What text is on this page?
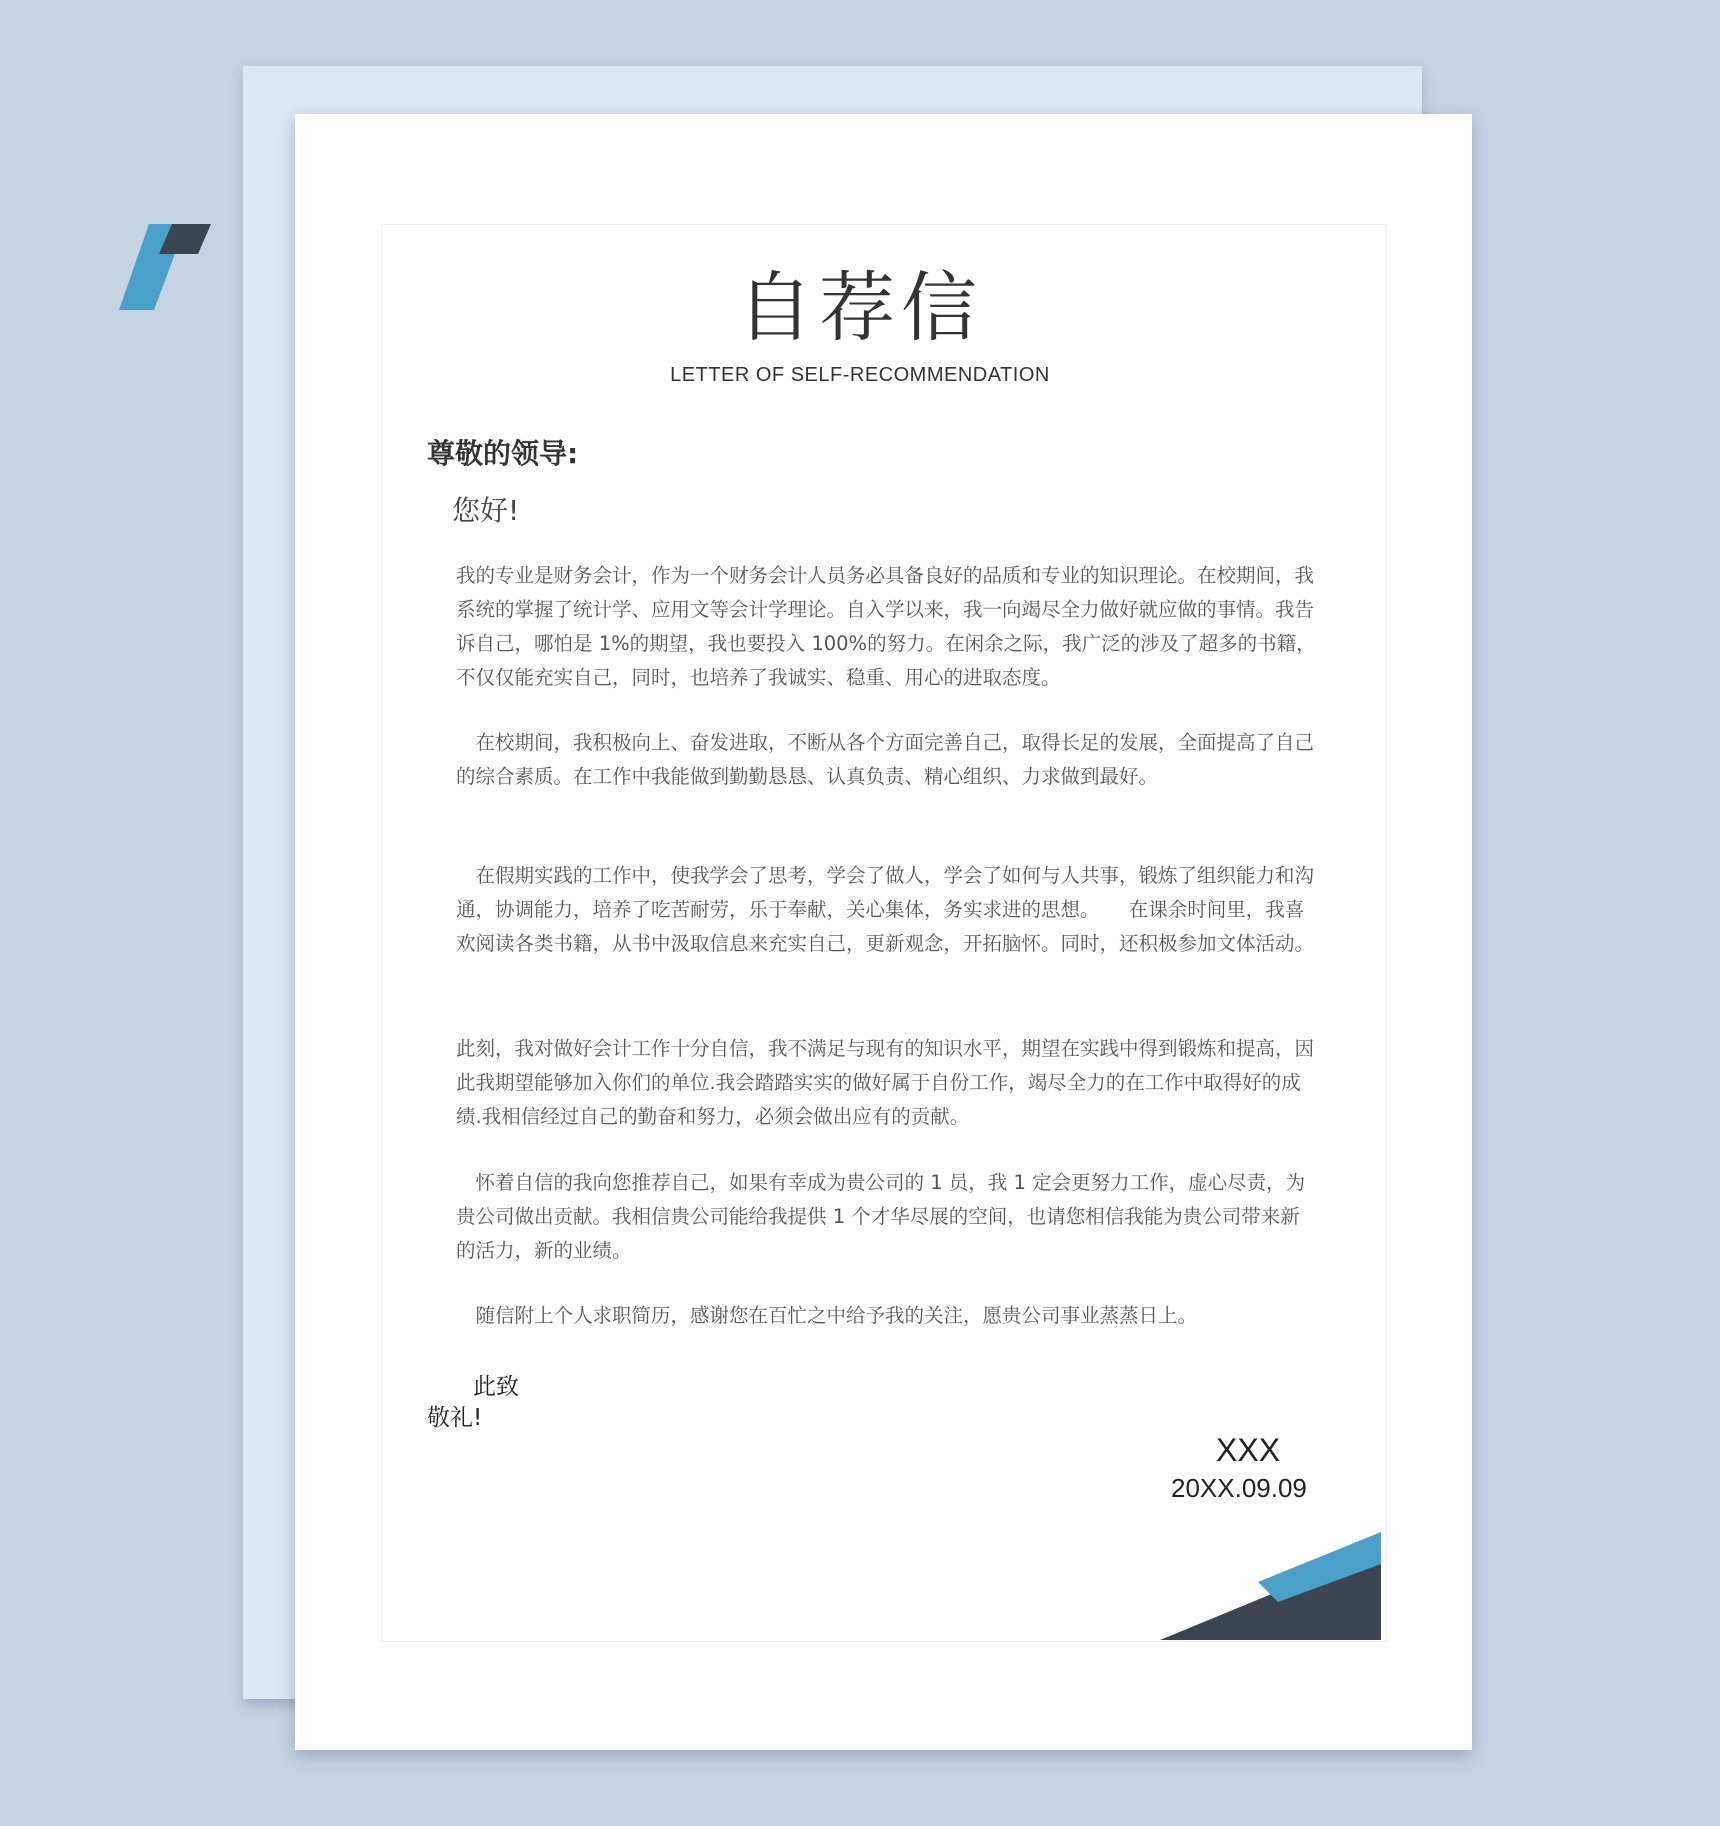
自荐信
LETTER OF SELF-RECOMMENDATION
尊敬的领导:
您好!

我的专业是财务会计，作为一个财务会计人员务必具备良好的品质和专业的知识理论。在校期间，我系统的掌握了统计学、应用文等会计学理论。自入学以来，我一向竭尽全力做好就应做的事情。我告诉自己，哪怕是 1%的期望，我也要投入 100%的努力。在闲余之际，我广泛的涉及了超多的书籍，不仅仅能充实自己，同时，也培养了我诚实、稳重、用心的进取态度。

　在校期间，我积极向上、奋发进取，不断从各个方面完善自己，取得长足的发展，全面提高了自己的综合素质。在工作中我能做到勤勤恳恳、认真负责、精心组织、力求做到最好。

　在假期实践的工作中，使我学会了思考，学会了做人，学会了如何与人共事，锻炼了组织能力和沟通，协调能力，培养了吃苦耐劳，乐于奉献，关心集体，务实求进的思想。　　在课余时间里，我喜欢阅读各类书籍，从书中汲取信息来充实自己，更新观念，开拓脑怀。同时，还积极参加文体活动。

此刻，我对做好会计工作十分自信，我不满足与现有的知识水平，期望在实践中得到锻炼和提高，因此我期望能够加入你们的单位.我会踏踏实实的做好属于自份工作，竭尽全力的在工作中取得好的成绩.我相信经过自己的勤奋和努力，必须会做出应有的贡献。

　怀着自信的我向您推荐自己，如果有幸成为贵公司的 1 员，我 1 定会更努力工作，虚心尽责，为贵公司做出贡献。我相信贵公司能给我提供 1 个才华尽展的空间，也请您相信我能为贵公司带来新的活力，新的业绩。

　随信附上个人求职简历，感谢您在百忙之中给予我的关注，愿贵公司事业蒸蒸日上。

此致
敬礼!
XXX
20XX.09.09
